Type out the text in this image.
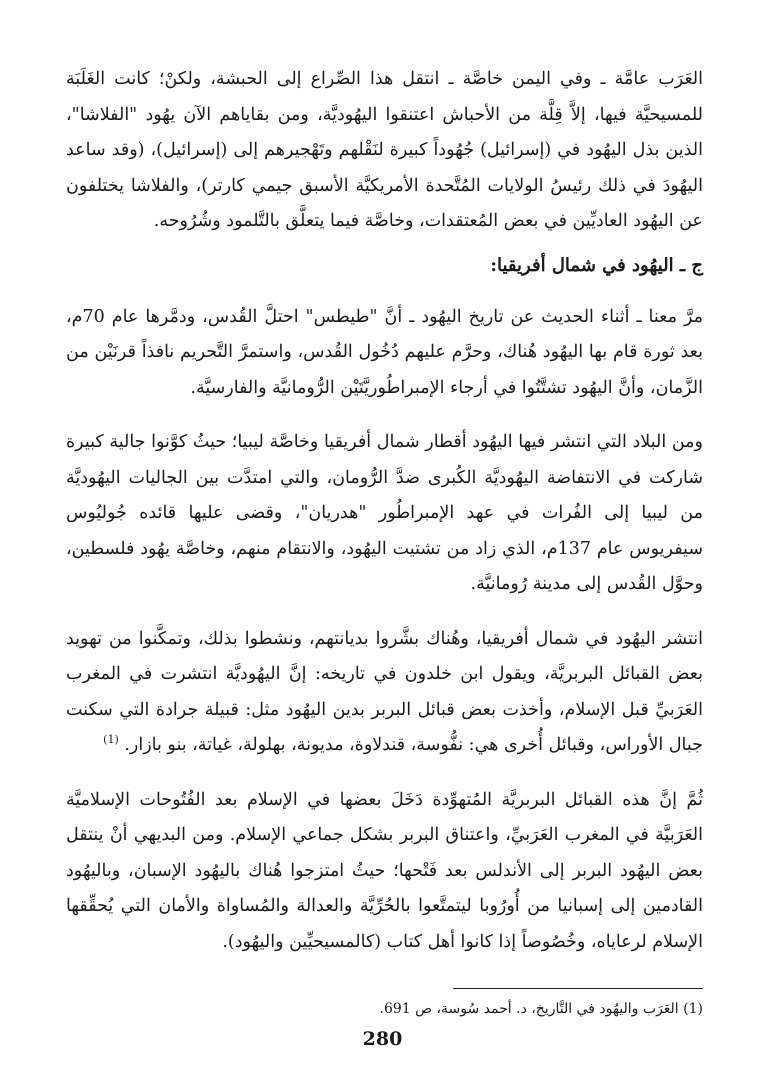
العَرَب عامَّة ـ وفي اليمن خاصَّة ـ انتقل هذا الصِّراع إلى الحبشة، ولكنْ؛ كانت الغَلَبَة للمسيحيَّة فيها، إلاَّ قِلَّة من الأحباش اعتنقوا اليهُوديَّة، ومن بقاياهم الآن يهُود "الفلاشا"، الذين بذل اليهُود في (إسرائيل) جُهُوداً كبيرة لنَقْلهم وتَهْجيرهم إلى (إسرائيل)، (وقد ساعد اليهُودَ في ذلك رئيسُ الولايات المُتَّحدة الأمريكيَّة الأسبق جيمي كارتر)، والفلاشا يختلفون عن اليهُود العاديِّين في بعض المُعتقدات، وخاصَّة فيما يتعلَّق بالتَّلمود وشُرُوحه.

ج ـ اليهُود في شمال أفريقيا:

مرَّ معنا ـ أثناء الحديث عن تاريخ اليهُود ـ أنَّ "طيطس" احتلَّ القُدس، ودمَّرها عام 70م، بعد ثورة قام بها اليهُود هُناك، وحرَّم عليهم دُخُول القُدس، واستمرَّ التَّحريم نافذاً قرنَيْن من الزَّمان، وأنَّ اليهُود تشتَّتُوا في أرجاء الإمبراطُوريَّتَيْن الرُّومانيَّة والفارسيَّة.

ومن البلاد التي انتشر فيها اليهُود أقطار شمال أفريقيا وخاصَّة ليبيا؛ حيثُ كوَّنوا جالية كبيرة شاركت في الانتفاضة اليهُوديَّة الكُبرى ضدَّ الرُّومان، والتي امتدَّت بين الجاليات اليهُوديَّة من ليبيا إلى الفُرات في عهد الإمبراطُور "هدريان"، وقضى عليها قائده جُوليُوس سيفريوس عام 137م، الذي زاد من تشتيت اليهُود، والانتقام منهم، وخاصَّة يهُود فلسطين، وحوَّل القُدس إلى مدينة رُومانيَّة.

انتشر اليهُود في شمال أفريقيا، وهُناك بشَّروا بديانتهم، ونشطوا بذلك، وتمكَّنوا من تهويد بعض القبائل البربريَّة، ويقول ابن خلدون في تاريخه: إنَّ اليهُوديَّة انتشرت في المغرب العَرَبيِّ قبل الإسلام، وأخذت بعض قبائل البربر بدين اليهُود مثل: قبيلة جرادة التي سكنت جبال الأوراس، وقبائل أُخرى هي: نفُّوسة، قندلاوة، مديونة، بهلولة، غياتة، بنو بازار. $^{(1)}$

ثُمَّ إنَّ هذه القبائل البربريَّة المُتهوِّدة دَخَلَ بعضها في الإسلام بعد الفُتُوحات الإسلاميَّة العَرَبيَّة في المغرب العَرَبيِّ، واعتناق البربر بشكل جماعي الإسلام. ومن البديهي أنْ ينتقل بعض اليهُود البربر إلى الأندلس بعد فَتْحها؛ حيثُ امتزجوا هُناك باليهُود الإسبان، وباليهُود القادمين إلى إسبانيا من أُورُوبا ليتمتَّعوا بالحُرِّيَّة والعدالة والمُساواة والأمان التي يُحقِّقها الإسلام لرعاياه، وخُصُوصاً إذا كانوا أهل كتاب (كالمسيحيِّين واليهُود).

(1) العَرَب واليهُود في التَّاريخ، د. أحمد سُوسة، ص 691.
280
